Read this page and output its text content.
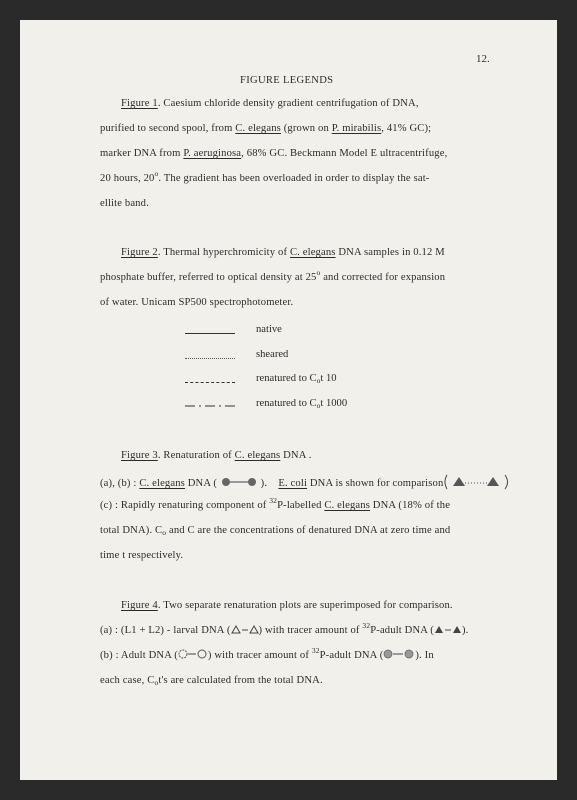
12.
FIGURE LEGENDS
Figure 1. Caesium chloride density gradient centrifugation of DNA,
purified to second spool, from C. elegans (grown on P. mirabilis, 41% GC);
marker DNA from P. aeruginosa, 68% GC. Beckmann Model E ultracentrifuge,
20 hours, 20$^o$. The gradient has been overloaded in order to display the sat-
ellite band.
Figure 2. Thermal hyperchromicity of C. elegans DNA samples in 0.12 M
phosphate buffer, referred to optical density at 25$^o$ and corrected for expansion
of water. Unicam SP500 spectrophotometer.
native
sheared
renatured to $C_ot$ 10
renatured to $C_ot$ 1000
Figure 3. Renaturation of C. elegans DNA .
(a), (b) : C. elegans DNA (	). E. coli DNA is shown for comparison
(c) : Rapidly renaturing component of $^{32}$P-labelled C. elegans DNA (18% of the
total DNA). $C_o$ and C are the concentrations of denatured DNA at zero time and
time t respectively.
Figure 4. Two separate renaturation plots are superimposed for comparison.
(a) : (L1 + L2) - larval DNA (	) with tracer amount of $^{32}$P-adult DNA (	).
(b) : Adult DNA (	) with tracer amount of $^{32}$P-adult DNA (	). In
each case, $C_ot's$ are calculated from the total DNA.
